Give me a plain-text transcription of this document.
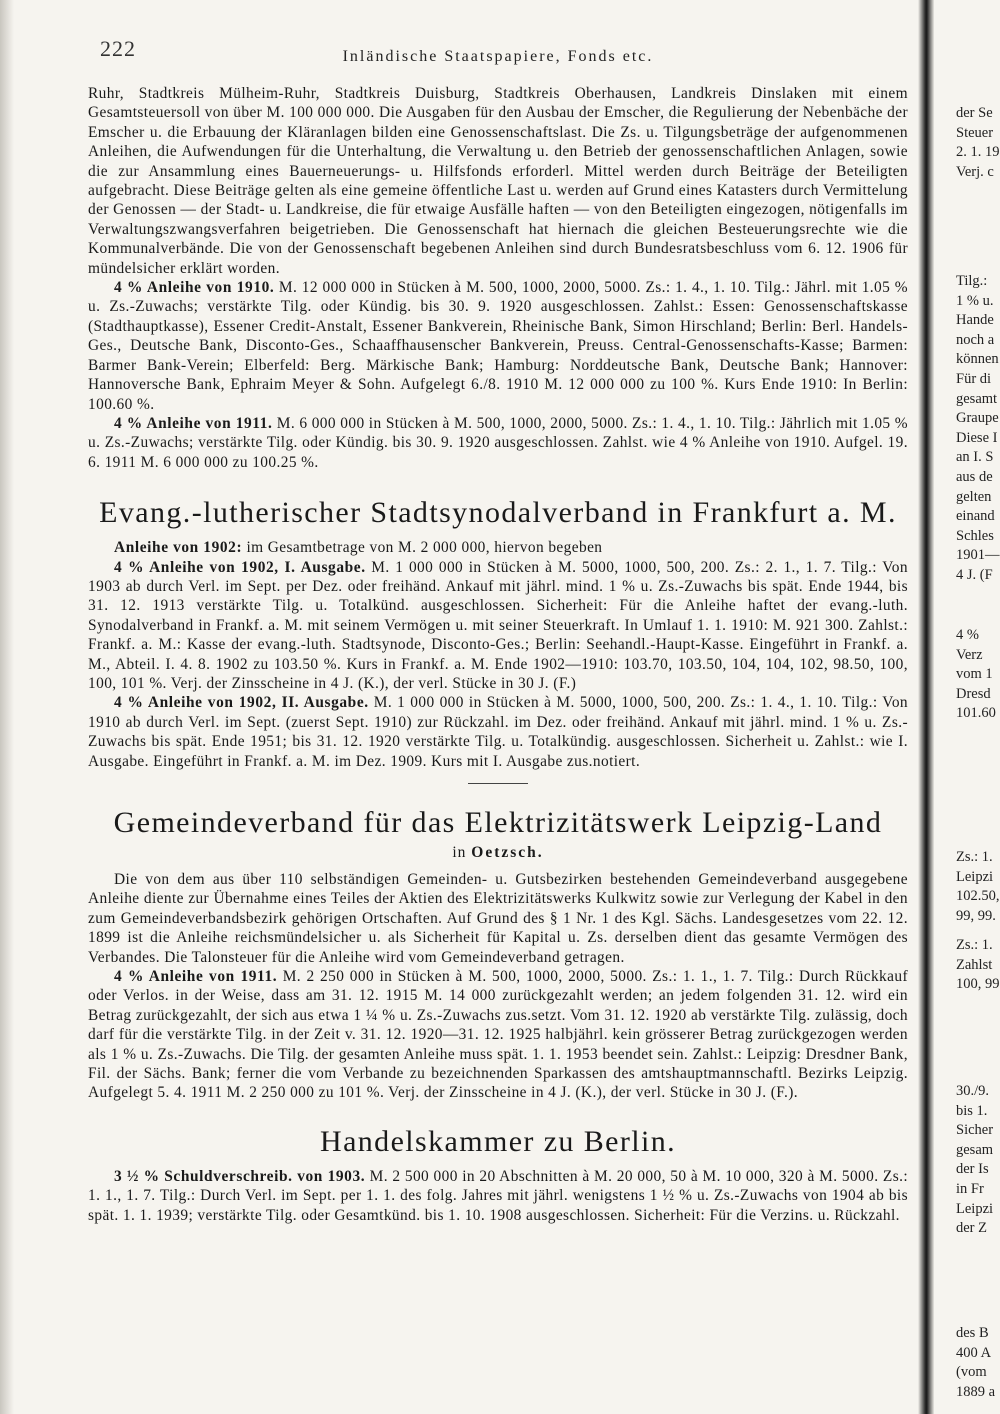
222	Inländische Staatspapiere, Fonds etc.

Ruhr, Stadtkreis Mülheim-Ruhr, Stadtkreis Duisburg, Stadtkreis Oberhausen, Landkreis Dinslaken mit einem Gesamtsteuersoll von über M. 100 000 000. Die Ausgaben für den Ausbau der Emscher, die Regulierung der Nebenbäche der Emscher u. die Erbauung der Kläranlagen bilden eine Genossenschaftslast. Die Zs. u. Tilgungsbeträge der aufgenommenen Anleihen, die Aufwendungen für die Unterhaltung, die Verwaltung u. den Betrieb der genossenschaftlichen Anlagen, sowie die zur Ansammlung eines Bauerneuerungs- u. Hilfsfonds erforderl. Mittel werden durch Beiträge der Beteiligten aufgebracht. Diese Beiträge gelten als eine gemeine öffentliche Last u. werden auf Grund eines Katasters durch Vermittelung der Genossen — der Stadt- u. Landkreise, die für etwaige Ausfälle haften — von den Beteiligten eingezogen, nötigenfalls im Verwaltungszwangsverfahren beigetrieben. Die Genossenschaft hat hiernach die gleichen Besteuerungsrechte wie die Kommunalverbände. Die von der Genossenschaft begebenen Anleihen sind durch Bundesratsbeschluss vom 6. 12. 1906 für mündelsicher erklärt worden.

4 % Anleihe von 1910. M. 12 000 000 in Stücken à M. 500, 1000, 2000, 5000. Zs.: 1. 4., 1. 10. Tilg.: Jährl. mit 1.05 % u. Zs.-Zuwachs; verstärkte Tilg. oder Kündig. bis 30. 9. 1920 ausgeschlossen. Zahlst.: Essen: Genossenschaftskasse (Stadthauptkasse), Essener Credit-Anstalt, Essener Bankverein, Rheinische Bank, Simon Hirschland; Berlin: Berl. Handels-Ges., Deutsche Bank, Disconto-Ges., Schaaffhausenscher Bankverein, Preuss. Central-Genossenschafts-Kasse; Barmen: Barmer Bank-Verein; Elberfeld: Berg. Märkische Bank; Hamburg: Norddeutsche Bank, Deutsche Bank; Hannover: Hannoversche Bank, Ephraim Meyer & Sohn. Aufgelegt 6./8. 1910 M. 12 000 000 zu 100 %. Kurs Ende 1910: In Berlin: 100.60 %.

4 % Anleihe von 1911. M. 6 000 000 in Stücken à M. 500, 1000, 2000, 5000. Zs.: 1. 4., 1. 10. Tilg.: Jährlich mit 1.05 % u. Zs.-Zuwachs; verstärkte Tilg. oder Kündig. bis 30. 9. 1920 ausgeschlossen. Zahlst. wie 4 % Anleihe von 1910. Aufgel. 19. 6. 1911 M. 6 000 000 zu 100.25 %.

Evang.-lutherischer Stadtsynodalverband in Frankfurt a. M.

Anleihe von 1902: im Gesamtbetrage von M. 2 000 000, hiervon begeben

4 % Anleihe von 1902, I. Ausgabe. M. 1 000 000 in Stücken à M. 5000, 1000, 500, 200. Zs.: 2. 1., 1. 7. Tilg.: Von 1903 ab durch Verl. im Sept. per Dez. oder freihänd. Ankauf mit jährl. mind. 1 % u. Zs.-Zuwachs bis spät. Ende 1944, bis 31. 12. 1913 verstärkte Tilg. u. Totalkünd. ausgeschlossen. Sicherheit: Für die Anleihe haftet der evang.-luth. Synodalverband in Frankf. a. M. mit seinem Vermögen u. mit seiner Steuerkraft. In Umlauf 1. 1. 1910: M. 921 300. Zahlst.: Frankf. a. M.: Kasse der evang.-luth. Stadtsynode, Disconto-Ges.; Berlin: Seehandl.-Haupt-Kasse. Eingeführt in Frankf. a. M., Abteil. I. 4. 8. 1902 zu 103.50 %. Kurs in Frankf. a. M. Ende 1902—1910: 103.70, 103.50, 104, 104, 102, 98.50, 100, 100, 101 %. Verj. der Zinsscheine in 4 J. (K.), der verl. Stücke in 30 J. (F.)

4 % Anleihe von 1902, II. Ausgabe. M. 1 000 000 in Stücken à M. 5000, 1000, 500, 200. Zs.: 1. 4., 1. 10. Tilg.: Von 1910 ab durch Verl. im Sept. (zuerst Sept. 1910) zur Rückzahl. im Dez. oder freihänd. Ankauf mit jährl. mind. 1 % u. Zs.-Zuwachs bis spät. Ende 1951; bis 31. 12. 1920 verstärkte Tilg. u. Totalkündig. ausgeschlossen. Sicherheit u. Zahlst.: wie I. Ausgabe. Eingeführt in Frankf. a. M. im Dez. 1909. Kurs mit I. Ausgabe zus.notiert.

Gemeindeverband für das Elektrizitätswerk Leipzig-Land
in Oetzsch.

Die von dem aus über 110 selbständigen Gemeinden- u. Gutsbezirken bestehenden Gemeindeverband ausgegebene Anleihe diente zur Übernahme eines Teiles der Aktien des Elektrizitätswerks Kulkwitz sowie zur Verlegung der Kabel in den zum Gemeindeverbandsbezirk gehörigen Ortschaften. Auf Grund des § 1 Nr. 1 des Kgl. Sächs. Landesgesetzes vom 22. 12. 1899 ist die Anleihe reichsmündelsicher u. als Sicherheit für Kapital u. Zs. derselben dient das gesamte Vermögen des Verbandes. Die Talonsteuer für die Anleihe wird vom Gemeindeverband getragen.

4 % Anleihe von 1911. M. 2 250 000 in Stücken à M. 500, 1000, 2000, 5000. Zs.: 1. 1., 1. 7. Tilg.: Durch Rückkauf oder Verlos. in der Weise, dass am 31. 12. 1915 M. 14 000 zurückgezahlt werden; an jedem folgenden 31. 12. wird ein Betrag zurückgezahlt, der sich aus etwa 1 ¼ % u. Zs.-Zuwachs zus.setzt. Vom 31. 12. 1920 ab verstärkte Tilg. zulässig, doch darf für die verstärkte Tilg. in der Zeit v. 31. 12. 1920—31. 12. 1925 halbjährl. kein grösserer Betrag zurückgezogen werden als 1 % u. Zs.-Zuwachs. Die Tilg. der gesamten Anleihe muss spät. 1. 1. 1953 beendet sein. Zahlst.: Leipzig: Dresdner Bank, Fil. der Sächs. Bank; ferner die vom Verbande zu bezeichnenden Sparkassen des amtshauptmannschaftl. Bezirks Leipzig. Aufgelegt 5. 4. 1911 M. 2 250 000 zu 101 %. Verj. der Zinsscheine in 4 J. (K.), der verl. Stücke in 30 J. (F.).

Handelskammer zu Berlin.

3 ½ % Schuldverschreib. von 1903. M. 2 500 000 in 20 Abschnitten à M. 20 000, 50 à M. 10 000, 320 à M. 5000. Zs.: 1. 1., 1. 7. Tilg.: Durch Verl. im Sept. per 1. 1. des folg. Jahres mit jährl. wenigstens 1 ½ % u. Zs.-Zuwachs von 1904 ab bis spät. 1. 1. 1939; verstärkte Tilg. oder Gesamtkünd. bis 1. 10. 1908 ausgeschlossen. Sicherheit: Für die Verzins. u. Rückzahl.

der Se
Steuer
2. 1. 19
Verj. c
Tilg.:
1 % u.
Hande
noch a
können
Für di
gesamt
Graupe
Diese I
an I. S
aus de
gelten
einand
Schles
1901—
4 J. (F
4 %
Verz
vom 1
Dresd
101.60
Zs.: 1.
Leipzi
102.50,
99, 99.
Zs.: 1.
Zahlst
100, 99
30./9.
bis 1.
Sicher
gesam
der Is
in Fr
Leipzi
der Z
des B
400 A
(vom
1889 a
